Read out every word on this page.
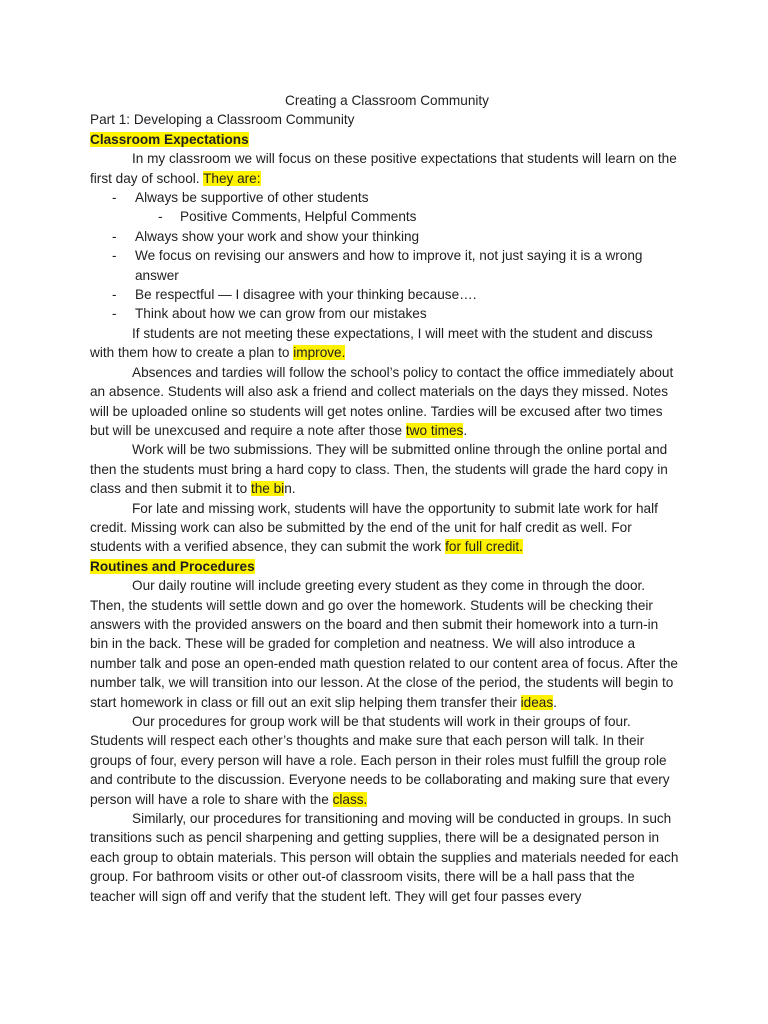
Creating a Classroom Community
Part 1: Developing a Classroom Community
Classroom Expectations
In my classroom we will focus on these positive expectations that students will learn on the first day of school. They are:
- Always be supportive of other students
- Positive Comments, Helpful Comments
- Always show your work and show your thinking
- We focus on revising our answers and how to improve it, not just saying it is a wrong answer
- Be respectful — I disagree with your thinking because….
- Think about how we can grow from our mistakes
If students are not meeting these expectations, I will meet with the student and discuss with them how to create a plan to improve.
Absences and tardies will follow the school’s policy to contact the office immediately about an absence. Students will also ask a friend and collect materials on the days they missed. Notes will be uploaded online so students will get notes online. Tardies will be excused after two times but will be unexcused and require a note after those two times.
Work will be two submissions. They will be submitted online through the online portal and then the students must bring a hard copy to class. Then, the students will grade the hard copy in class and then submit it to the bin.
For late and missing work, students will have the opportunity to submit late work for half credit. Missing work can also be submitted by the end of the unit for half credit as well. For students with a verified absence, they can submit the work for full credit.
Routines and Procedures
Our daily routine will include greeting every student as they come in through the door. Then, the students will settle down and go over the homework. Students will be checking their answers with the provided answers on the board and then submit their homework into a turn-in bin in the back. These will be graded for completion and neatness. We will also introduce a number talk and pose an open-ended math question related to our content area of focus. After the number talk, we will transition into our lesson. At the close of the period, the students will begin to start homework in class or fill out an exit slip helping them transfer their ideas.
Our procedures for group work will be that students will work in their groups of four. Students will respect each other’s thoughts and make sure that each person will talk. In their groups of four, every person will have a role. Each person in their roles must fulfill the group role and contribute to the discussion. Everyone needs to be collaborating and making sure that every person will have a role to share with the class.
Similarly, our procedures for transitioning and moving will be conducted in groups. In such transitions such as pencil sharpening and getting supplies, there will be a designated person in each group to obtain materials. This person will obtain the supplies and materials needed for each group. For bathroom visits or other out-of classroom visits, there will be a hall pass that the teacher will sign off and verify that the student left. They will get four passes every
